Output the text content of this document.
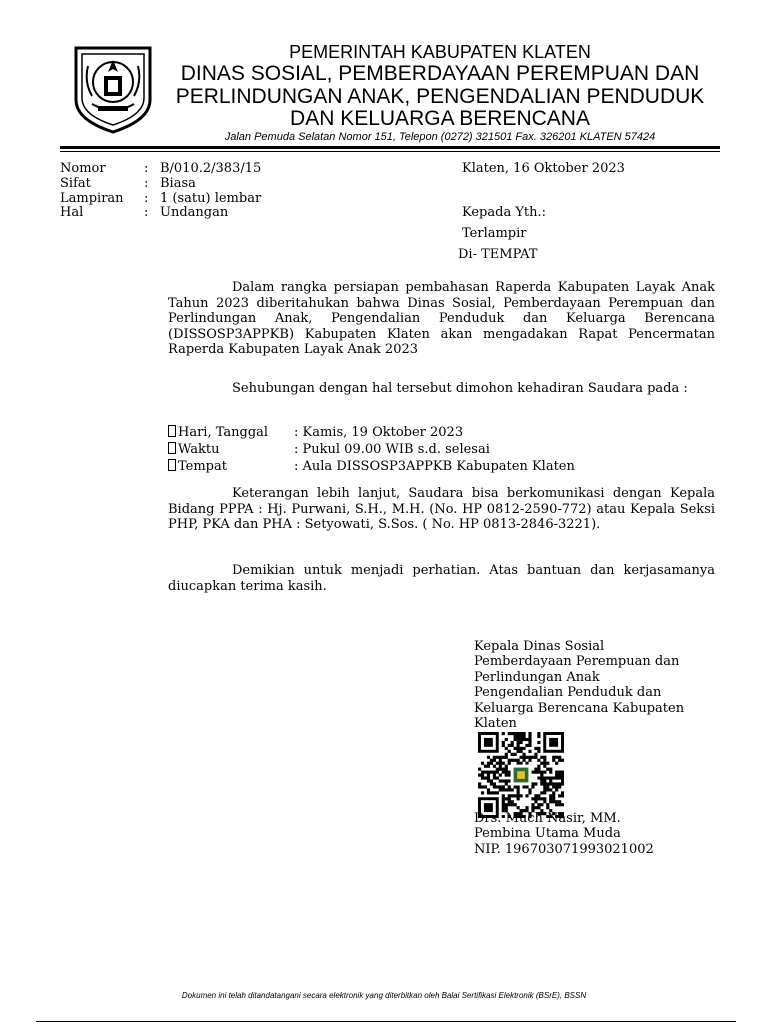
PEMERINTAH KABUPATEN KLATEN
DINAS SOSIAL, PEMBERDAYAAN PEREMPUAN DAN
PERLINDUNGAN ANAK, PENGENDALIAN PENDUDUK
DAN KELUARGA BERENCANA
Jalan Pemuda Selatan Nomor 151, Telepon (0272) 321501 Fax. 326201 KLATEN 57424
Nomor	: B/010.2/383/15
Sifat	: Biasa
Lampiran : 1 (satu) lembar
Hal	: Undangan
Klaten, 16 Oktober 2023
Kepada Yth.:
Terlampir
Di- TEMPAT
Dalam rangka persiapan pembahasan Raperda Kabupaten Layak Anak Tahun 2023 diberitahukan bahwa Dinas Sosial, Pemberdayaan Perempuan dan Perlindungan Anak, Pengendalian Penduduk dan Keluarga Berencana (DISSOSP3APPKB) Kabupaten Klaten akan mengadakan Rapat Pencermatan Raperda Kabupaten Layak Anak 2023
Sehubungan dengan hal tersebut dimohon kehadiran Saudara pada :
Hari, Tanggal : Kamis, 19 Oktober 2023
Waktu	: Pukul 09.00 WIB s.d. selesai
Tempat	: Aula DISSOSP3APPKB Kabupaten Klaten
Keterangan lebih lanjut, Saudara bisa berkomunikasi dengan Kepala Bidang PPPA : Hj. Purwani, S.H., M.H. (No. HP 0812-2590-772) atau Kepala Seksi PHP, PKA dan PHA : Setyowati, S.Sos. ( No. HP 0813-2846-3221).
Demikian untuk menjadi perhatian. Atas bantuan dan kerjasamanya diucapkan terima kasih.
Kepala Dinas Sosial
Pemberdayaan Perempuan dan
Perlindungan Anak
Pengendalian Penduduk dan
Keluarga Berencana Kabupaten
Klaten
Drs. Much Nasir, MM.
Pembina Utama Muda
NIP. 196703071993021002
Dokumen ini telah ditandatangani secara elektronik yang diterbitkan oleh Balai Sertifikasi Elektronik (BSrE), BSSN
